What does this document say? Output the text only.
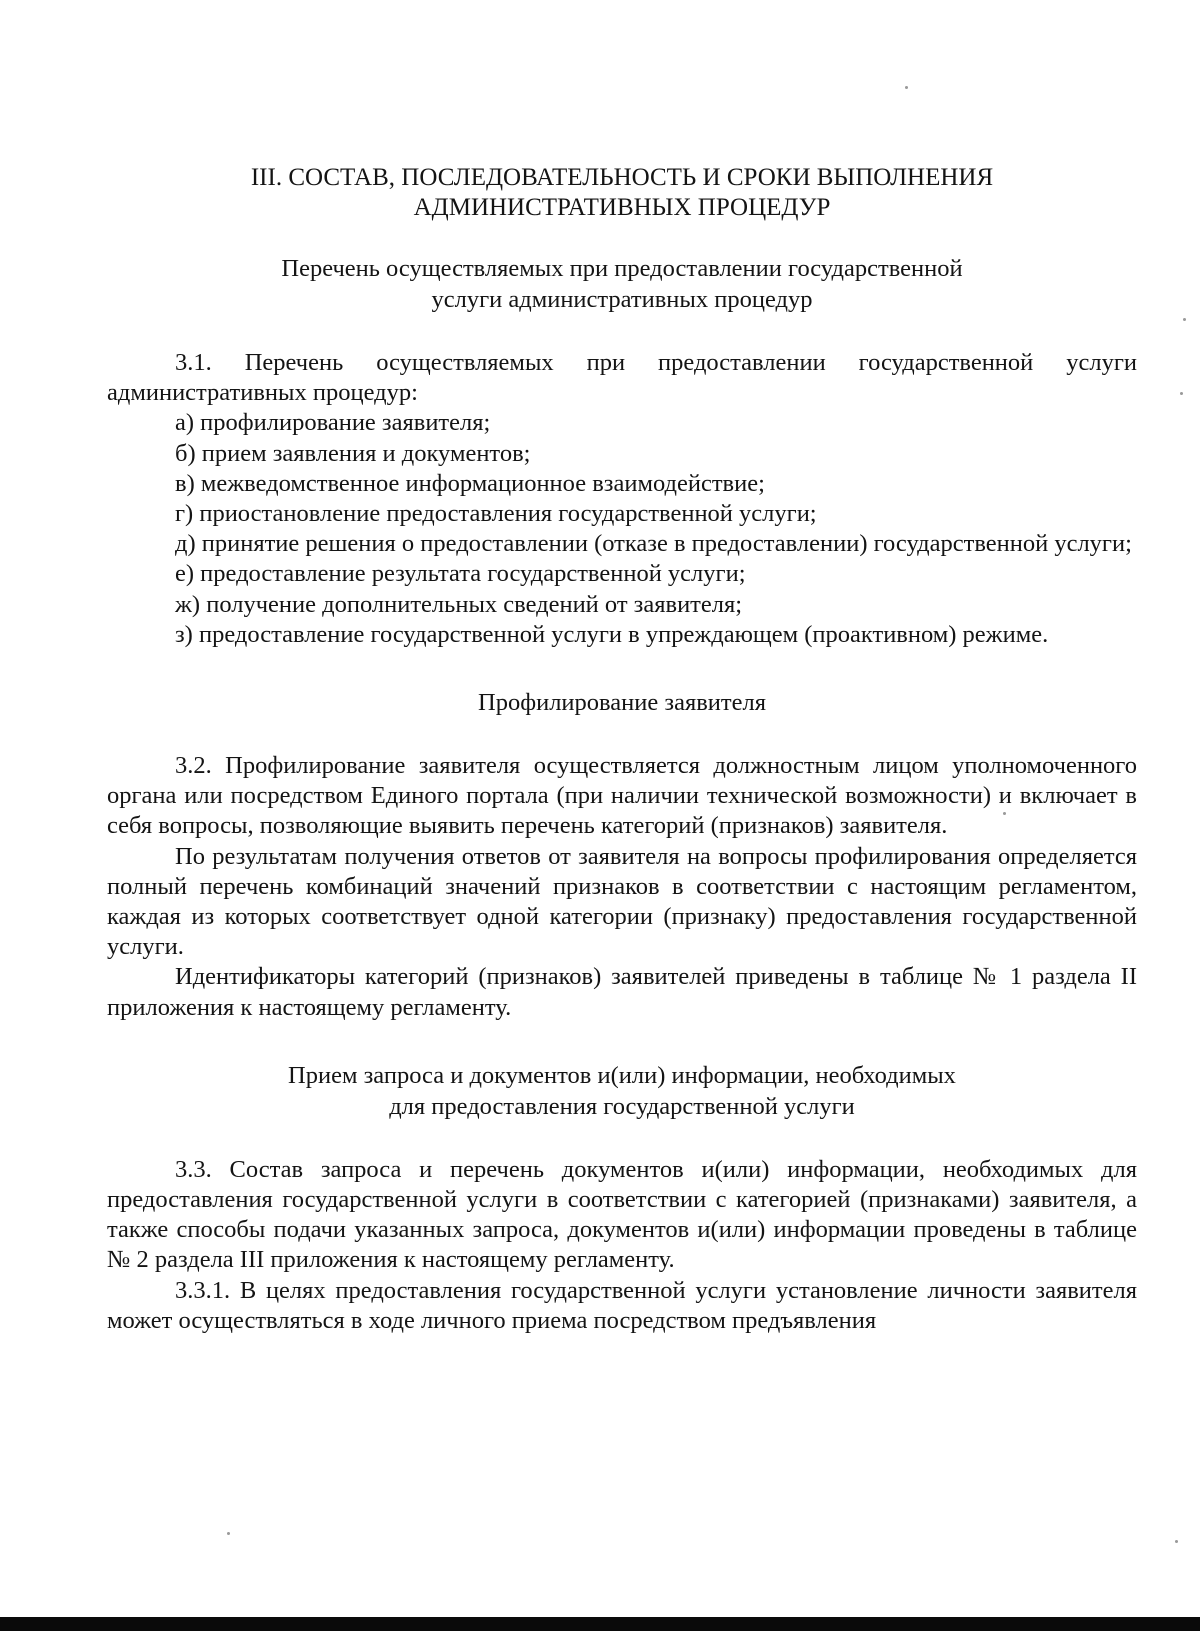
III. СОСТАВ, ПОСЛЕДОВАТЕЛЬНОСТЬ И СРОКИ ВЫПОЛНЕНИЯ
АДМИНИСТРАТИВНЫХ ПРОЦЕДУР
Перечень осуществляемых при предоставлении государственной
услуги административных процедур

3.1. Перечень осуществляемых при предоставлении государственной услуги административных процедур:

а) профилирование заявителя;

б) прием заявления и документов;

в) межведомственное информационное взаимодействие;

г) приостановление предоставления государственной услуги;

д) принятие решения о предоставлении (отказе в предоставлении) государственной услуги;

е) предоставление результата государственной услуги;

ж) получение дополнительных сведений от заявителя;

з) предоставление государственной услуги в упреждающем (проактивном) режиме.

Профилирование заявителя

3.2. Профилирование заявителя осуществляется должностным лицом уполномоченного органа или посредством Единого портала (при наличии технической возможности) и включает в себя вопросы, позволяющие выявить перечень категорий (признаков) заявителя.

По результатам получения ответов от заявителя на вопросы профилирования определяется полный перечень комбинаций значений признаков в соответствии с настоящим регламентом, каждая из которых соответствует одной категории (признаку) предоставления государственной услуги.

Идентификаторы категорий (признаков) заявителей приведены в таблице № 1 раздела II приложения к настоящему регламенту.

Прием запроса и документов и(или) информации, необходимых
для предоставления государственной услуги

3.3. Состав запроса и перечень документов и(или) информации, необходимых для предоставления государственной услуги в соответствии с категорией (признаками) заявителя, а также способы подачи указанных запроса, документов и(или) информации проведены в таблице № 2 раздела III приложения к настоящему регламенту.

3.3.1. В целях предоставления государственной услуги установление личности заявителя может осуществляться в ходе личного приема посредством предъявления
